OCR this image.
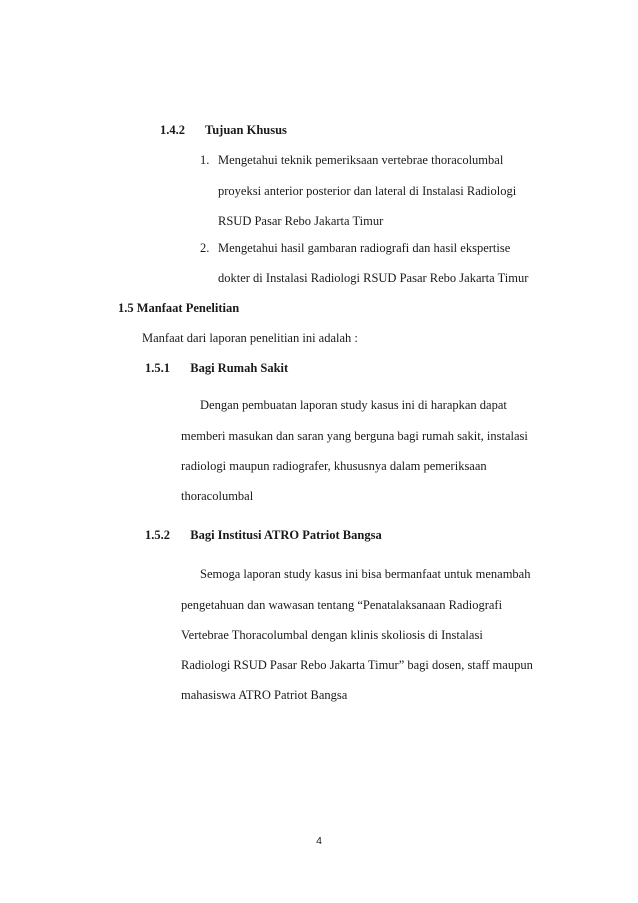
1.4.2 Tujuan Khusus
1. Mengetahui teknik pemeriksaan vertebrae thoracolumbal
proyeksi anterior posterior dan lateral di Instalasi Radiologi
RSUD Pasar Rebo Jakarta Timur
2. Mengetahui hasil gambaran radiografi dan hasil ekspertise
dokter di Instalasi Radiologi RSUD Pasar Rebo Jakarta Timur
1.5 Manfaat Penelitian
Manfaat dari laporan penelitian ini adalah :
1.5.1 Bagi Rumah Sakit
Dengan pembuatan laporan study kasus ini di harapkan dapat
memberi masukan dan saran yang berguna bagi rumah sakit, instalasi
radiologi maupun radiografer, khususnya dalam pemeriksaan
thoracolumbal
1.5.2 Bagi Institusi ATRO Patriot Bangsa
Semoga laporan study kasus ini bisa bermanfaat untuk menambah
pengetahuan dan wawasan tentang “Penatalaksanaan Radiografi
Vertebrae Thoracolumbal dengan klinis skoliosis di Instalasi
Radiologi RSUD Pasar Rebo Jakarta Timur” bagi dosen, staff maupun
mahasiswa ATRO Patriot Bangsa
4
